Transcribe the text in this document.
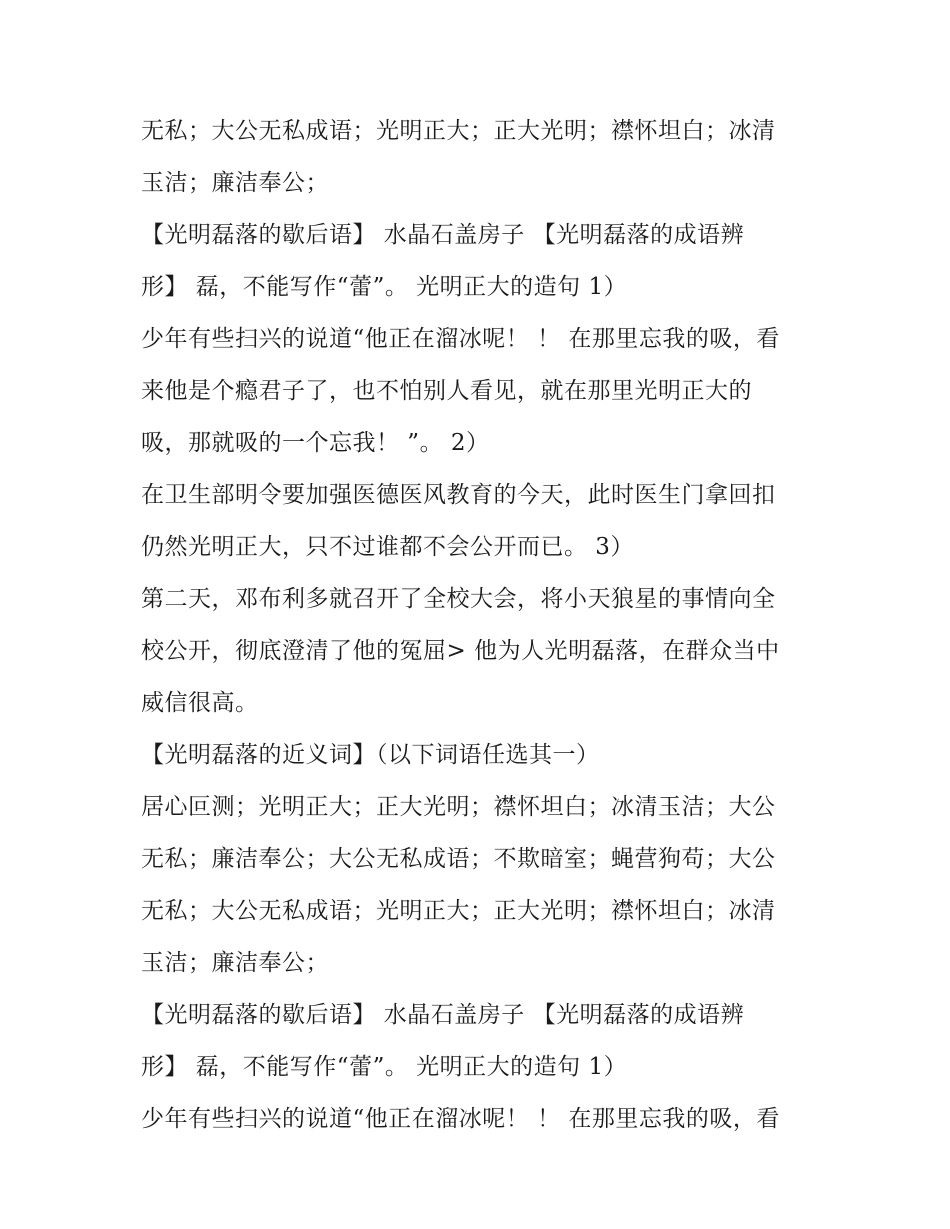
无私；大公无私成语；光明正大；正大光明；襟怀坦白；冰清
玉洁；廉洁奉公；
【光明磊落的歇后语】 水晶石盖房子 【光明磊落的成语辨
形】 磊，不能写作“蕾”。 光明正大的造句 1）
少年有些扫兴的说道“他正在溜冰呢！ ！ 在那里忘我的吸，看
来他是个瘾君子了，也不怕别人看见，就在那里光明正大的
吸，那就吸的一个忘我！ ”。 2）
在卫生部明令要加强医德医风教育的今天，此时医生门拿回扣
仍然光明正大，只不过谁都不会公开而已。 3）
第二天，邓布利多就召开了全校大会，将小天狼星的事情向全
校公开，彻底澄清了他的冤屈> 他为人光明磊落，在群众当中
威信很高。
【光明磊落的近义词】（以下词语任选其一）
居心叵测；光明正大；正大光明；襟怀坦白；冰清玉洁；大公
无私；廉洁奉公；大公无私成语；不欺暗室；蝇营狗苟；大公
无私；大公无私成语；光明正大；正大光明；襟怀坦白；冰清
玉洁；廉洁奉公；
【光明磊落的歇后语】 水晶石盖房子 【光明磊落的成语辨
形】 磊，不能写作“蕾”。 光明正大的造句 1）
少年有些扫兴的说道“他正在溜冰呢！ ！ 在那里忘我的吸，看
